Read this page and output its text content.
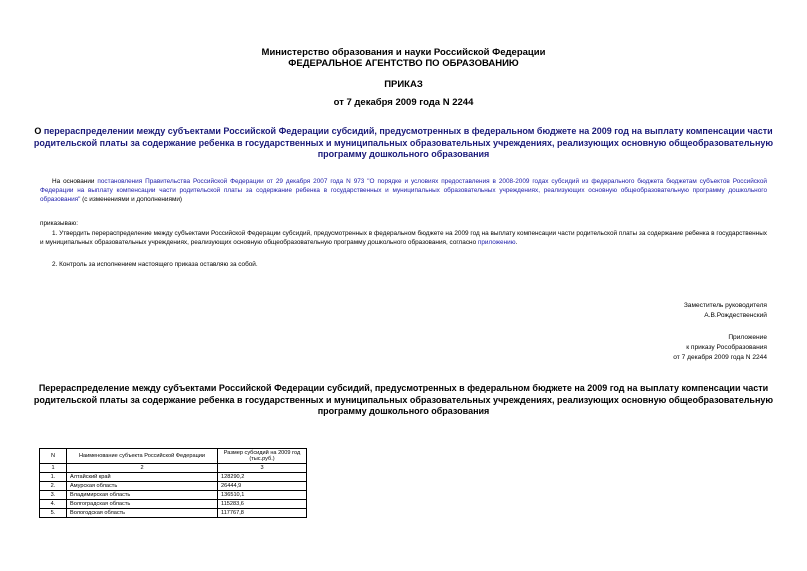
Министерство образования и науки Российской Федерации
ФЕДЕРАЛЬНОЕ АГЕНТСТВО ПО ОБРАЗОВАНИЮ
ПРИКАЗ
от 7 декабря 2009 года N 2244
О перераспределении между субъектами Российской Федерации субсидий, предусмотренных в федеральном бюджете на 2009 год на выплату компенсации части
родительской платы за содержание ребенка в государственных и муниципальных образовательных учреждениях, реализующих основную общеобразовательную
программу дошкольного образования
На основании постановления Правительства Российской Федерации от 29 декабря 2007 года N 973 "О порядке и условиях предоставления в 2008-2009 годах субсидий из федерального бюджета бюджетам субъектов Российской Федерации на выплату компенсации части родительской платы за содержание ребенка в государственных и муниципальных образовательных учреждениях, реализующих основную общеобразовательную программу дошкольного образования" (с изменениями и дополнениями)
приказываю:
1. Утвердить перераспределение между субъектами Российской Федерации субсидий, предусмотренных в федеральном бюджете на 2009 год на выплату компенсации части родительской платы за содержание ребенка в государственных и муниципальных образовательных учреждениях, реализующих основную общеобразовательную программу дошкольного образования, согласно приложению.
2. Контроль за исполнением настоящего приказа оставляю за собой.
Заместитель руководителя
А.В.Рождественский
Приложение
к приказу Рособразования
от 7 декабря 2009 года N 2244
Перераспределение между субъектами Российской Федерации субсидий, предусмотренных в федеральном бюджете на 2009 год на выплату компенсации части
родительской платы за содержание ребенка в государственных и муниципальных образовательных учреждениях, реализующих основную общеобразовательную
программу дошкольного образования
N	Наименование субъекта Российской Федерации	Размер субсидий на 2009 год (тыс.руб.)
1	2	3
1.	Алтайский край	128290,2
2.	Амурская область	26444,9
3.	Владимирская область	136510,1
4.	Волгоградская область	115283,6
5.	Вологодская область	117767,8
